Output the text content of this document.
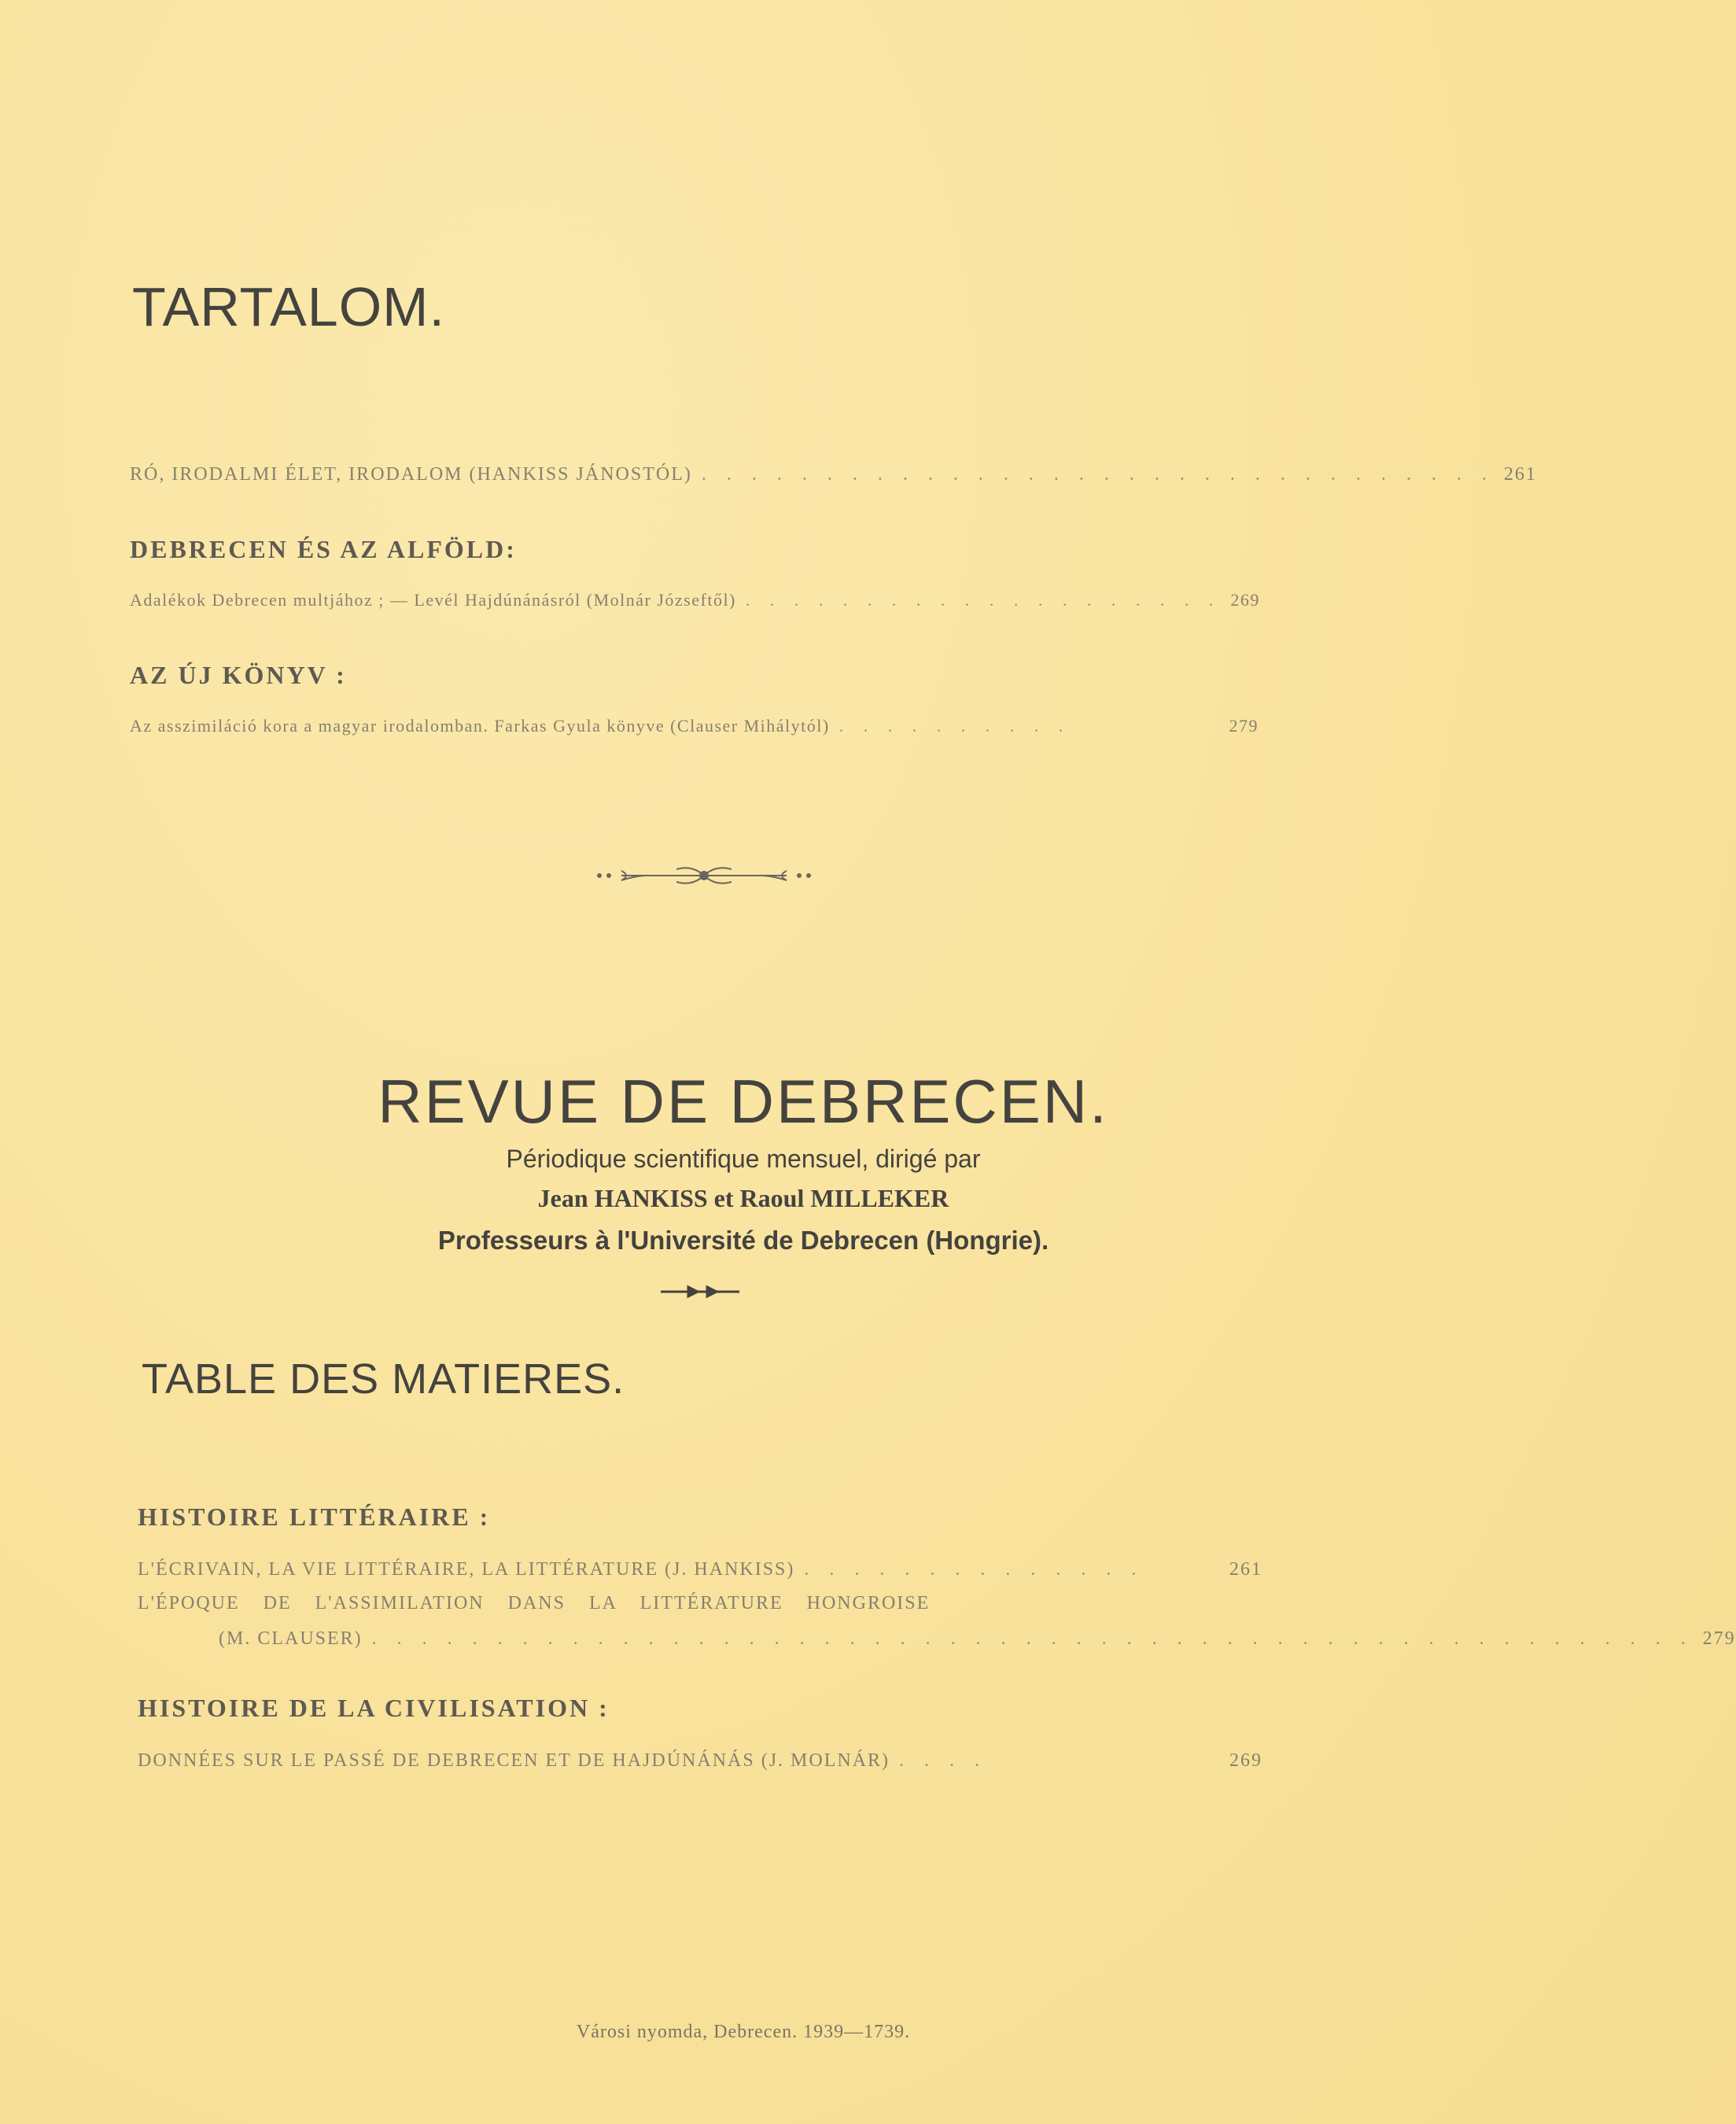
TARTALOM.
RÓ, IRODALMI ÉLET, IRODALOM (HANKISS JÁNOSTÓL) . . . . . . . . . . . . . . . . . . . . . . . . . . . . . . . . 261
DEBRECEN ÉS AZ ALFÖLD:
Adalékok Debrecen multjához ; — Levél Hajdúnánásról (Molnár Józseftől) . . . . . . . . . . . . . . . . . . . . 269
AZ ÚJ KÖNYV :
Az asszimiláció kora a magyar irodalomban. Farkas Gyula könyve (Clauser Mihálytól) . . . . . . . . . .	279
REVUE DE DEBRECEN.
Périodique scientifique mensuel, dirigé par
Jean HANKISS et Raoul MILLEKER
Professeurs à l'Université de Debrecen (Hongrie).
TABLE DES MATIERES.
HISTOIRE LITTÉRAIRE :
L'ÉCRIVAIN, LA VIE LITTÉRAIRE, LA LITTÉRATURE (J. HANKISS) . . . . . . . . . . . . . .	261
L'ÉPOQUE DE L'ASSIMILATION DANS LA LITTÉRATURE HONGROISE
(M. CLAUSER) . . . . . . . . . . . . . . . . . . . . . . . . . . . . . . . . . . . . . . . . . . . . . . . . . . . . . 279
HISTOIRE DE LA CIVILISATION :
DONNÉES SUR LE PASSÉ DE DEBRECEN ET DE HAJDÚNÁNÁS (J. MOLNÁR) . . . .	269
Városi nyomda, Debrecen. 1939—1739.
